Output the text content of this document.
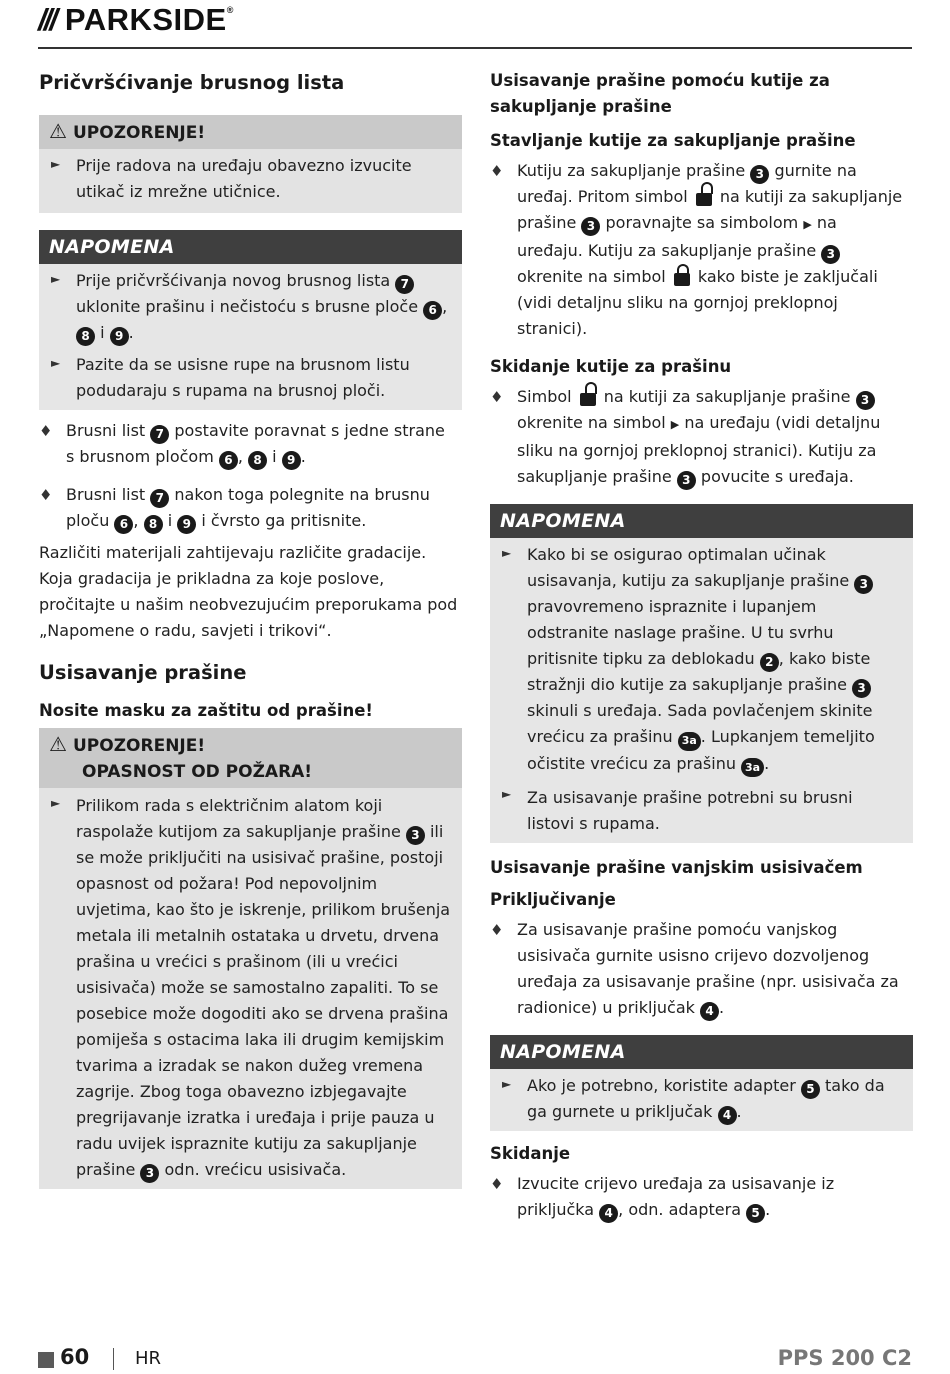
/// PARKSIDE®
Pričvršćivanje brusnog lista
⚠ UPOZORENJE!
► Prije radova na uređaju obavezno izvucite utikač iz mrežne utičnice.
NAPOMENA
► Prije pričvršćivanja novog brusnog lista 7 uklonite prašinu i nečistoću s brusne ploče 6 , 8 i 9 .
► Pazite da se usisne rupe na brusnom listu podudaraju s rupama na brusnoj ploči.
♦ Brusni list 7 postavite poravnat s jedne strane s brusnom pločom 6 , 8 i 9 .
♦ Brusni list 7 nakon toga polegnite na brusnu ploču 6 , 8 i 9 i čvrsto ga pritisnite.

Različiti materijali zahtijevaju različite gradacije. Koja gradacija je prikladna za koje poslove, pročitajte u našim neobvezujućim preporukama pod „Napomene o radu, savjeti i trikovi“.

Usisavanje prašine
Nosite masku za zaštitu od prašine!
⚠ UPOZORENJE!
OPASNOST OD POŽARA!
► Prilikom rada s električnim alatom koji raspolaže kutijom za sakupljanje prašine 3 ili se može priključiti na usisivač prašine, postoji opasnost od požara! Pod nepovoljnim uvjetima, kao što je iskrenje, prilikom brušenja metala ili metalnih ostataka u drvetu, drvena prašina u vrećici s prašinom (ili u vrećici usisivača) može se samostalno zapaliti. To se posebice može dogoditi ako se drvena prašina pomiješa s ostacima laka ili drugim kemijskim tvarima a izradak se nakon dužeg vremena zagrije. Zbog toga obavezno izbjegavajte pregrijavanje izratka i uređaja i prije pauza u radu uvijek ispraznite kutiju za sakupljanje prašine 3 odn. vrećicu usisivača.
Usisavanje prašine pomoću kutije za sakupljanje prašine
Stavljanje kutije za sakupljanje prašine
♦ Kutiju za sakupljanje prašine 3 gurnite na uređaj. Pritom simbol na kutiji za sakupljanje prašine 3 poravnajte sa simbolom ▶ na uređaju. Kutiju za sakupljanje prašine 3 okrenite na simbol kako biste je zaključali (vidi detaljnu sliku na gornjoj preklopnoj stranici).
Skidanje kutije za prašinu
♦ Simbol na kutiji za sakupljanje prašine 3 okrenite na simbol ▶ na uređaju (vidi detaljnu sliku na gornjoj preklopnoj stranici). Kutiju za sakupljanje prašine 3 povucite s uređaja.
NAPOMENA
► Kako bi se osigurao optimalan učinak usisavanja, kutiju za sakupljanje prašine 3 pravovremeno ispraznite i lupanjem odstranite naslage prašine. U tu svrhu pritisnite tipku za deblokadu 2 , kako biste stražnji dio kutije za sakupljanje prašine 3 skinuli s uređaja. Sada povlačenjem skinite vrećicu za prašinu 3a . Lupkanjem temeljito očistite vrećicu za prašinu 3a .
► Za usisavanje prašine potrebni su brusni listovi s rupama.
Usisavanje prašine vanjskim usisivačem
Priključivanje
♦ Za usisavanje prašine pomoću vanjskog usisivača gurnite usisno crijevo dozvoljenog uređaja za usisavanje prašine (npr. usisivača za radionice) u priključak 4 .
NAPOMENA
► Ako je potrebno, koristite adapter 5 tako da ga gurnete u priključak 4 .
Skidanje
♦ Izvucite crijevo uređaja za usisavanje iz priključka 4 , odn. adaptera 5 .
60	HR	PPS 200 C2
